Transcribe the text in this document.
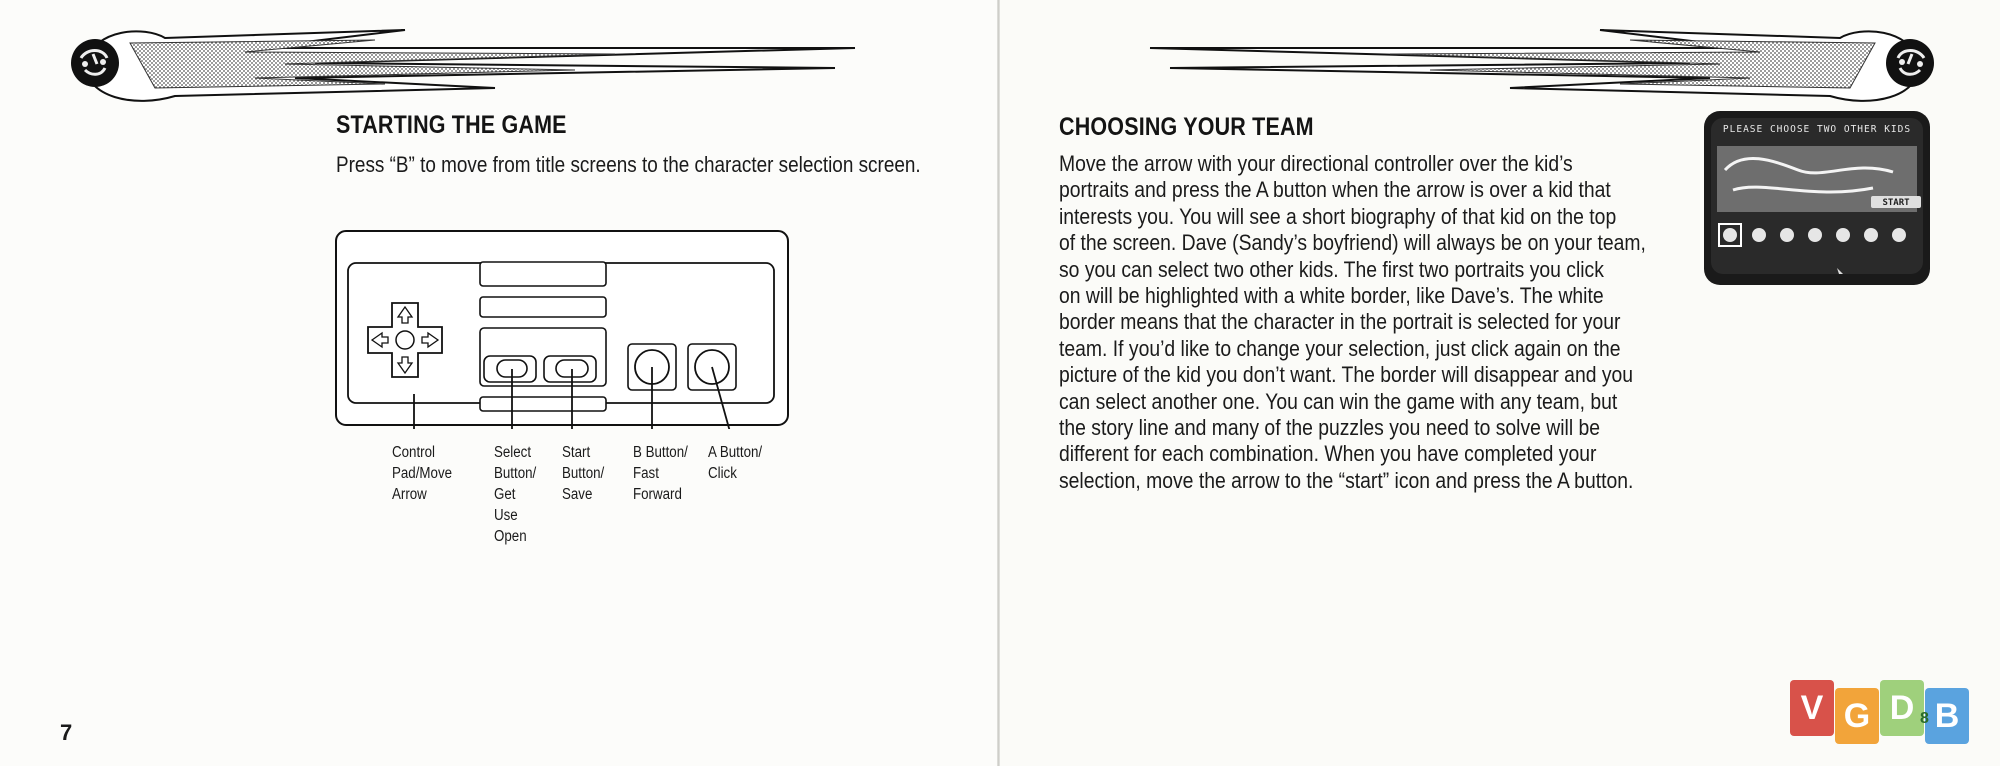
STARTING THE GAME

Press “B” to move from title screens to the character selection screen.

Control
Pad/Move
Arrow
Select
Button/
Get
Use
Open
Start
Button/
Save
B Button/
Fast
Forward
A Button/
Click

7

CHOOSING YOUR TEAM
Move the arrow with your directional controller over the kid’s
portraits and press the A button when the arrow is over a kid that
interests you. You will see a short biography of that kid on the top
of the screen. Dave (Sandy’s boyfriend) will always be on your team,
so you can select two other kids. The first two portraits you click
on will be highlighted with a white border, like Dave’s. The white
border means that the character in the portrait is selected for your
team. If you’d like to change your selection, just click again on the
picture of the kid you don’t want. The border will disappear and you
can select another one. You can win the game with any team, but
the story line and many of the puzzles you need to solve will be
different for each combination. When you have completed your
selection, move the arrow to the “start” icon and press the A button.
PLEASE CHOOSE TWO OTHER KIDS
START
V G D B
8
